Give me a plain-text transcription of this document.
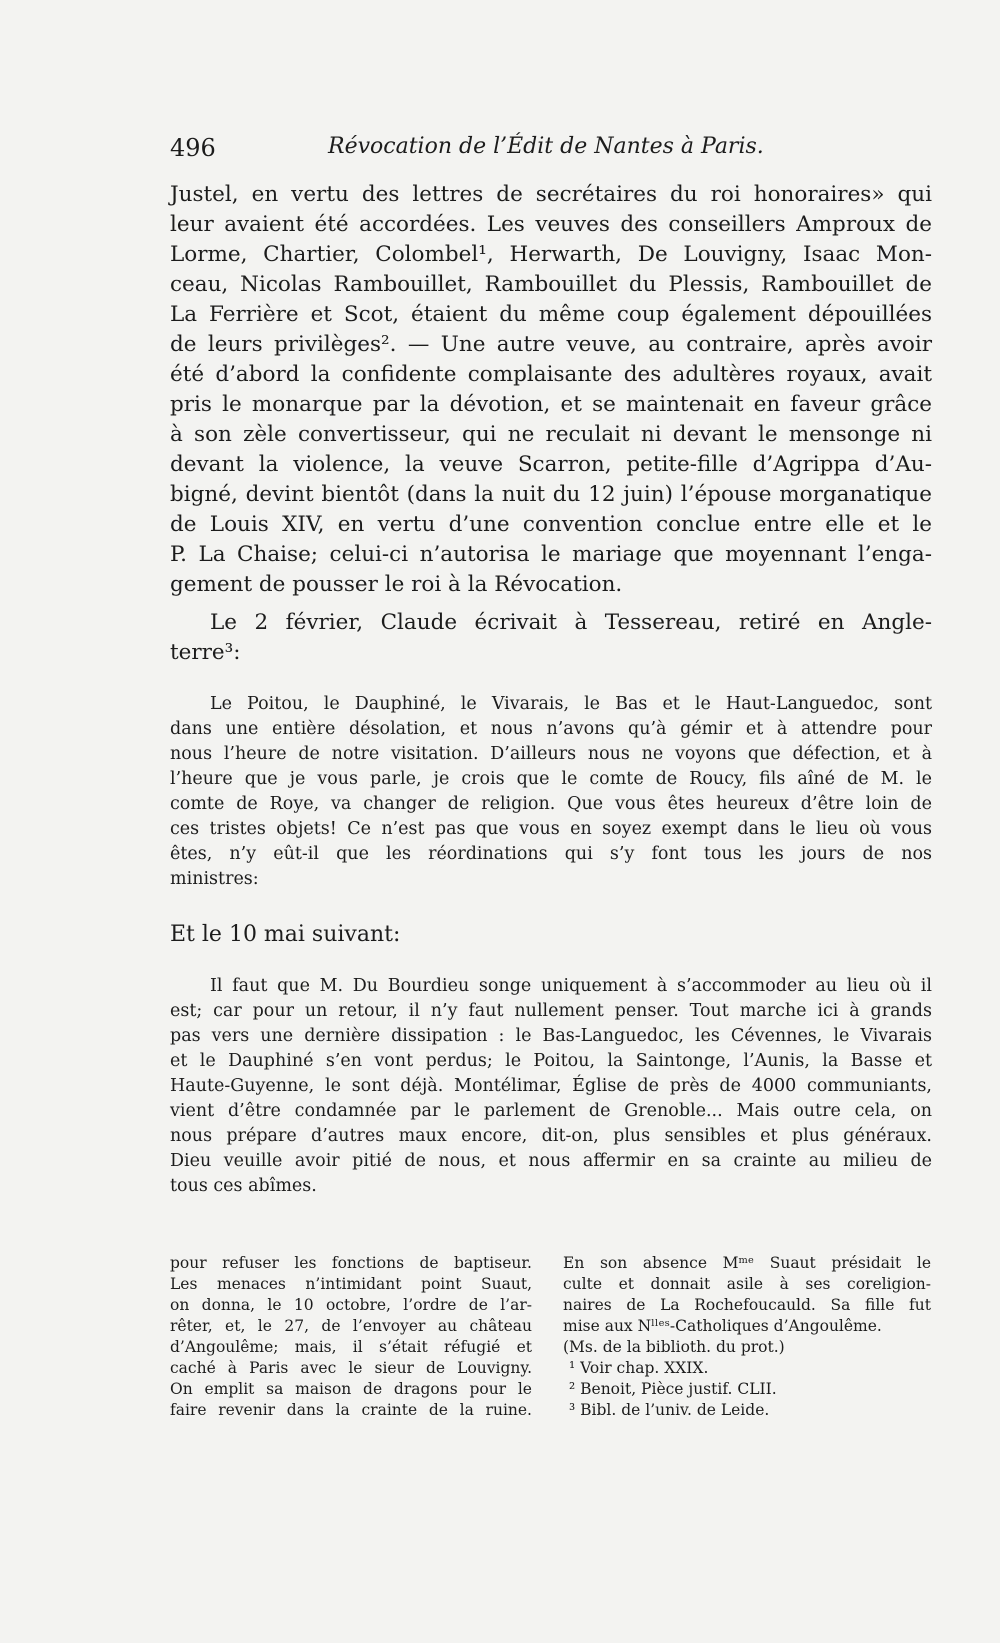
496	Révocation de l’Édit de Nantes à Paris.
Justel, en vertu des lettres de secrétaires du roi honoraires» qui
leur avaient été accordées. Les veuves des conseillers Amproux de
Lorme, Chartier, Colombel¹, Herwarth, De Louvigny, Isaac Mon-
ceau, Nicolas Rambouillet, Rambouillet du Plessis, Rambouillet de
La Ferrière et Scot, étaient du même coup également dépouillées
de leurs privilèges². — Une autre veuve, au contraire, après avoir
été d’abord la confidente complaisante des adultères royaux, avait
pris le monarque par la dévotion, et se maintenait en faveur grâce
à son zèle convertisseur, qui ne reculait ni devant le mensonge ni
devant la violence, la veuve Scarron, petite-fille d’Agrippa d’Au-
bigné, devint bientôt (dans la nuit du 12 juin) l’épouse morganatique
de Louis XIV, en vertu d’une convention conclue entre elle et le
P. La Chaise; celui-ci n’autorisa le mariage que moyennant l’enga-
gement de pousser le roi à la Révocation.
Le 2 février, Claude écrivait à Tessereau, retiré en Angle-
terre³:
Le Poitou, le Dauphiné, le Vivarais, le Bas et le Haut-Languedoc, sont
dans une entière désolation, et nous n’avons qu’à gémir et à attendre pour
nous l’heure de notre visitation. D’ailleurs nous ne voyons que défection, et à
l’heure que je vous parle, je crois que le comte de Roucy, fils aîné de M. le
comte de Roye, va changer de religion. Que vous êtes heureux d’être loin de
ces tristes objets! Ce n’est pas que vous en soyez exempt dans le lieu où vous
êtes, n’y eût-il que les réordinations qui s’y font tous les jours de nos
ministres:
Et le 10 mai suivant:
Il faut que M. Du Bourdieu songe uniquement à s’accommoder au lieu où il
est; car pour un retour, il n’y faut nullement penser. Tout marche ici à grands
pas vers une dernière dissipation : le Bas-Languedoc, les Cévennes, le Vivarais
et le Dauphiné s’en vont perdus; le Poitou, la Saintonge, l’Aunis, la Basse et
Haute-Guyenne, le sont déjà. Montélimar, Église de près de 4000 communiants,
vient d’être condamnée par le parlement de Grenoble... Mais outre cela, on
nous prépare d’autres maux encore, dit-on, plus sensibles et plus généraux.
Dieu veuille avoir pitié de nous, et nous affermir en sa crainte au milieu de
tous ces abîmes.
pour refuser les fonctions de baptiseur.
Les menaces n’intimidant point Suaut,
on donna, le 10 octobre, l’ordre de l’ar-
rêter, et, le 27, de l’envoyer au château
d’Angoulême; mais, il s’était réfugié et
caché à Paris avec le sieur de Louvigny.
On emplit sa maison de dragons pour le
faire revenir dans la crainte de la ruine.
En son absence Mᵐᵉ Suaut présidait le
culte et donnait asile à ses coreligion-
naires de La Rochefoucauld. Sa fille fut
mise aux Nˡˡᵉˢ-Catholiques d’Angoulême.
(Ms. de la biblioth. du prot.)
¹ Voir chap. XXIX.
² Benoit, Pièce justif. CLII.
³ Bibl. de l’univ. de Leide.
